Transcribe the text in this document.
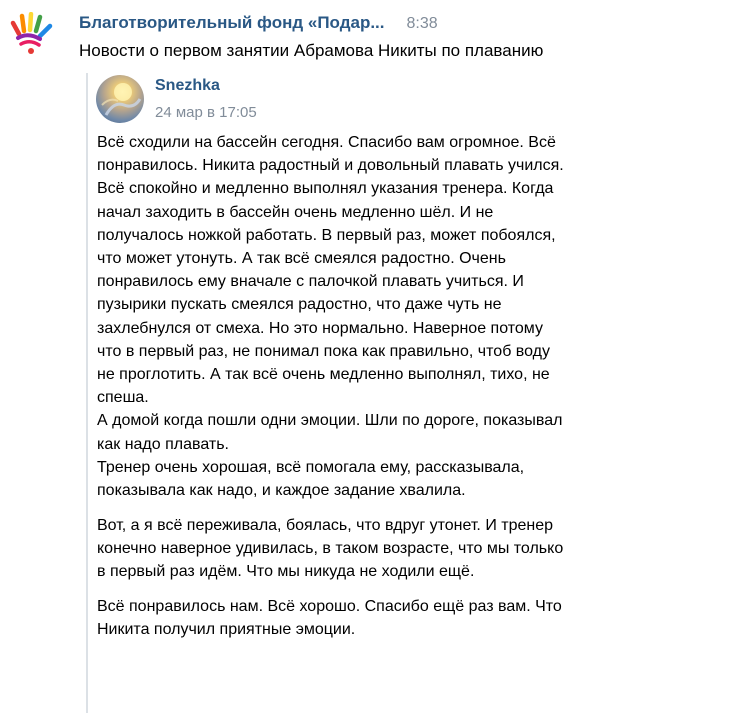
Благотворительный фонд «Подар... 8:38
Новости о первом занятии Абрамова Никиты по плаванию
Snezhka
24 мар в 17:05
Всё сходили на бассейн сегодня. Спасибо вам огромное. Всё
понравилось. Никита радостный и довольный плавать учился.
Всё спокойно и медленно выполнял указания тренера. Когда
начал заходить в бассейн очень медленно шёл. И не
получалось ножкой работать. В первый раз, может побоялся,
что может утонуть. А так всё смеялся радостно. Очень
понравилось ему вначале с палочкой плавать учиться. И
пузырики пускать смеялся радостно, что даже чуть не
захлебнулся от смеха. Но это нормально. Наверное потому
что в первый раз, не понимал пока как правильно, чтоб воду
не проглотить. А так всё очень медленно выполнял, тихо, не
спеша.
А домой когда пошли одни эмоции. Шли по дороге, показывал
как надо плавать.
Тренер очень хорошая, всё помогала ему, рассказывала,
показывала как надо, и каждое задание хвалила.
Вот, а я всё переживала, боялась, что вдруг утонет. И тренер
конечно наверное удивилась, в таком возрасте, что мы только
в первый раз идём. Что мы никуда не ходили ещё.
Всё понравилось нам. Всё хорошо. Спасибо ещё раз вам. Что
Никита получил приятные эмоции.
